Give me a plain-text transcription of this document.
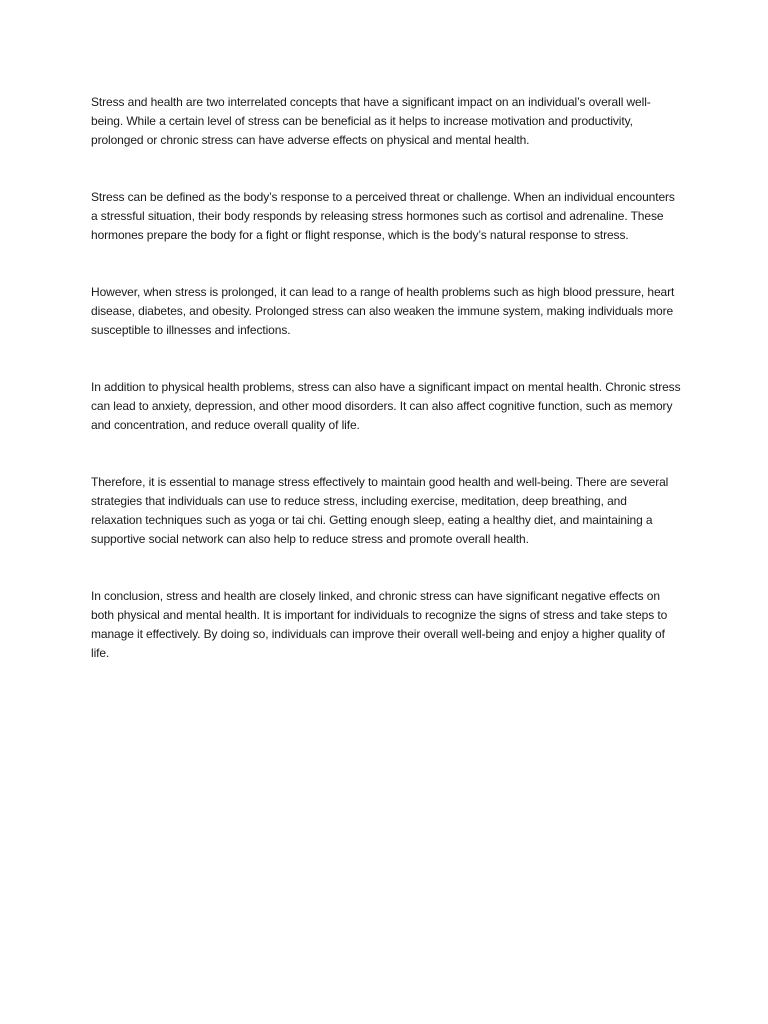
Stress and health are two interrelated concepts that have a significant impact on an individual’s overall well-being. While a certain level of stress can be beneficial as it helps to increase motivation and productivity, prolonged or chronic stress can have adverse effects on physical and mental health.

Stress can be defined as the body’s response to a perceived threat or challenge. When an individual encounters a stressful situation, their body responds by releasing stress hormones such as cortisol and adrenaline. These hormones prepare the body for a fight or flight response, which is the body’s natural response to stress.

However, when stress is prolonged, it can lead to a range of health problems such as high blood pressure, heart disease, diabetes, and obesity. Prolonged stress can also weaken the immune system, making individuals more susceptible to illnesses and infections.

In addition to physical health problems, stress can also have a significant impact on mental health. Chronic stress can lead to anxiety, depression, and other mood disorders. It can also affect cognitive function, such as memory and concentration, and reduce overall quality of life.

Therefore, it is essential to manage stress effectively to maintain good health and well-being. There are several strategies that individuals can use to reduce stress, including exercise, meditation, deep breathing, and relaxation techniques such as yoga or tai chi. Getting enough sleep, eating a healthy diet, and maintaining a supportive social network can also help to reduce stress and promote overall health.

In conclusion, stress and health are closely linked, and chronic stress can have significant negative effects on both physical and mental health. It is important for individuals to recognize the signs of stress and take steps to manage it effectively. By doing so, individuals can improve their overall well-being and enjoy a higher quality of life.
